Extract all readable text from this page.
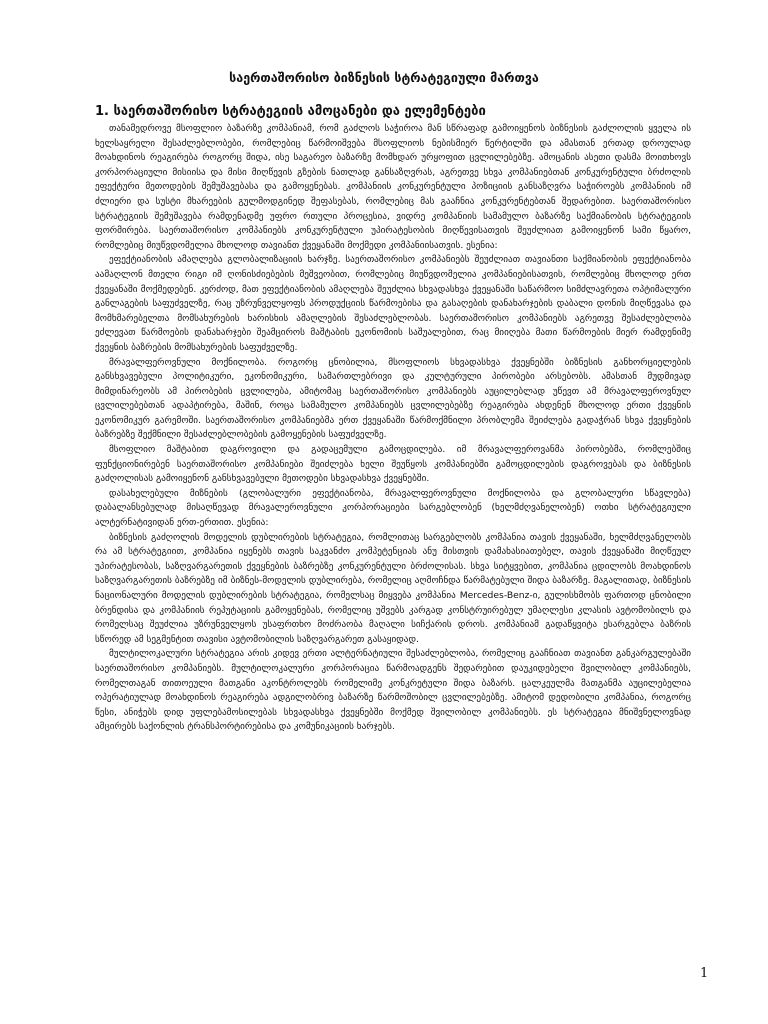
საერთაშორისო ბიზნესის სტრატეგიული მართვა
1. საერთაშორისო სტრატეგიის ამოცანები და ელემენტები

თანამედროვე მსოფლიო ბაზარზე კომპანიამ, რომ გაძლოს საჭიროა მან სწრაფად გამოიყენოს ბიზნესის გაძლოლის ყველა ის ხელსაყრელი შესაძლებლობები, რომლებიც წარმოიშვება მსოფლიოს ნებისმიერ წერტილში და ამასთან ერთად დროულად მოახდინოს რეაგირება როგორც შიდა, ისე საგარეო ბაზარზე მომხდარ ურყოფით ცვლილებებზე. ამოცანის ასეთი დასმა მოითხოვს კორპორაციული მისიისა და მისი მიღწევის გზების ნათლად განსაზღვრას, აგრეთვე სხვა კომპანიებთან კონკურენტული ბრძოლის ეფექტური მეთოდების შემუშავებასა და გამოყენებას. კომპანიის კონკურენტული პოზიციის განსაზღვრა საჭიროებს კომპანიის იმ ძლიერი და სუსტი მხარეების გულმოდგინედ შეფასებას, რომლებიც მას გააჩნია კონკურენტებთან შედარებით. საერთაშორისო სტრატეგიის შემუშავება რამდენადმე უფრო რთული პროცესია, ვიდრე კომპანიის სამამულო ბაზარზე საქმიანობის სტრატეგიის ფორმირება. საერთაშორისო კომპანიებს კონკურენტული უპირატესობის მიღწევისათვის შეუძლიათ გამოიყენონ სამი წყარო, რომლებიც მიუწვდომელია მხოლოდ თავიანთ ქვეყანაში მოქმედი კომპანიისათვის. ესენია:

ეფექტიანობის ამაღლება გლობალიზაციის ხარჯზე. საერთაშორისო კომპანიებს შეუძლიათ თავიანთი საქმიანობის ეფექტიანობა აამაღლონ მთელი რიგი იმ ღონისძიებების მეშვეობით, რომლებიც მიუწვდომელია კომპანიებისათვის, რომლებიც მხოლოდ ერთ ქვეყანაში მოქმედებენ. კერძოდ, მათ ეფექტიანობის ამაღლება შეუძლია სხვადასხვა ქვეყანაში საწარმოო სიმძლავრეთა ოპტიმალური განლაგების საფუძველზე, რაც უზრუნველყოფს პროდუქციის წარმოებისა და გასაღების დანახარჯების დაბალი დონის მიღწევასა და მომხმარებელთა მომსახურების ხარისხის ამაღლების შესაძლებლობას. საერთაშორისო კომპანიებს აგრეთვე შესაძლებლობა ეძლევათ წარმოების დანახარჯები შეამციროს მაშტაბის ეკონომიის საშუალებით, რაც მიიღება მათი წარმოების მიერ რამდენიმე ქვეყნის ბაზრების მომსახურების საფუძველზე.

მრავალფეროვნული მოქნილობა. როგორც ცნობილია, მსოფლიოს სხვადასხვა ქვეყნებში ბიზნესის განხორციელების განსხვავებული პოლიტიკური, ეკონომიკური, სამართლებრივი და კულტურული პირობები არსებობს. ამასთან მუდმივად მიმდინარეობს ამ პირობების ცვლილება, ამიტომაც საერთაშორისო კომპანიებს აუცილებლად უწევთ ამ მრავალფეროვნულ ცვლილებებთან ადაპტირება, მაშინ, როცა სამამულო კომპანიებს ცვლილებებზე რეაგირება ახდენენ მხოლოდ ერთი ქვეყნის ეკონომიკურ გარემოში. საერთაშორისო კომპანიებმა ერთ ქვეყანაში წარმოქმნილი პრობლემა შეიძლება გადაჭრან სხვა ქვეყნების ბაზრებზე შექმნილი შესაძლებლობების გამოყენების საფუძველზე.

მსოფლიო მაშტაბით დაგროვილი და გადაცემული გამოცდილება. იმ მრავალფეროვანმა პირობებმა, რომლებშიც ფუნქციონირებენ საერთაშორისო კომპანიები შეიძლება ხელი შეუწყოს კომპანიებში გამოცდილების დაგროვებას და ბიზნესის გაძღოლისას გამოიყენონ განსხვავებული მეთოდები სხვადასხვა ქვეყნებში.

დასახელებული მიზნების (გლობალური ეფექტიანობა, მრავალფეროვნული მოქნილობა და გლობალური სწავლება) დაბალანსებულად მისაღწევად მრავალეროვნული კორპორაციები სარგებლობენ (ხელმძღვანელობენ) ოთხი სტრატეგიული ალტერნატივიდან ერთ-ერთით. ესენია:

ბიზნესის გაძღოლის მოდელის დუბლირების სტრატეგია, რომლითაც სარგებლობს კომპანია თავის ქვეყანაში, ხელმძღვანელობს რა ამ სტრატეგიით, კომპანია იყენებს თავის საკვანძო კომპეტენციას ანუ მისთვის დამახასიათებელ, თავის ქვეყანაში მიღწეულ უპირატესობას, საზღვარგარეთის ქვეყნების ბაზრებზე კონკურენტული ბრძოლისას. სხვა სიტყვებით, კომპანია ცდილობს მოახდინოს საზღვარგარეთის ბაზრებზე იმ ბიზნეს-მოდელის დუბლირება, რომელიც აღმოჩნდა წარმატებული შიდა ბაზარზე. მაგალითად, ბიზნესის ნაციონალური მოდელის დუბლირების სტრატეგია, რომელსაც მიყვება კომპანია Mercedes-Benz-ი, გულისხმობს ფართოდ ცნობილი ბრენდისა და კომპანიის რეპუტაციის გამოყენებას, რომელიც უშვებს კარგად კონსტრუირებულ უმაღლესი კლასის ავტომობილს და რომელსაც შეუძლია უზრუნველყოს უსაფრთხო მოძრაობა მაღალი სიჩქარის დროს. კომპანიამ გადაწყვიტა ესარგებლა ბაზრის სწორედ ამ სეგმენტით თავისი ავტომობილის საზღვარგარეთ გასაყიდად.

მულტილოკალური სტრატეგია არის კიდევ ერთი ალტერნატიული შესაძლებლობა, რომელიც გააჩნიათ თავიანთ განკარგულებაში საერთაშორისო კომპანიებს. მულტილოკალური კორპორაცია წარმოადგენს შედარებით დაუკიდებელი შვილობილ კომპანიებს, რომელთაგან თითოეული მათგანი აკონტროლებს რომელიმე კონკრეტული შიდა ბაზარს. ცალკეულმა მათგანმა აუცილებელია ოპერატიულად მოახდინოს რეაგირება ადგილობრივ ბაზარზე წარმოშობილ ცვლილებებზე. ამიტომ დედობილი კომპანია, როგორც წესი, ანიჭებს დიდ უფლებამოსილებას სხვადასხვა ქვეყნებში მოქმედ შვილობილ კომპანიებს. ეს სტრატეგია მნიშვნელოვნად ამცირებს საქონლის ტრანსპორტირებისა და კომუნიკაციის ხარჯებს.

1
